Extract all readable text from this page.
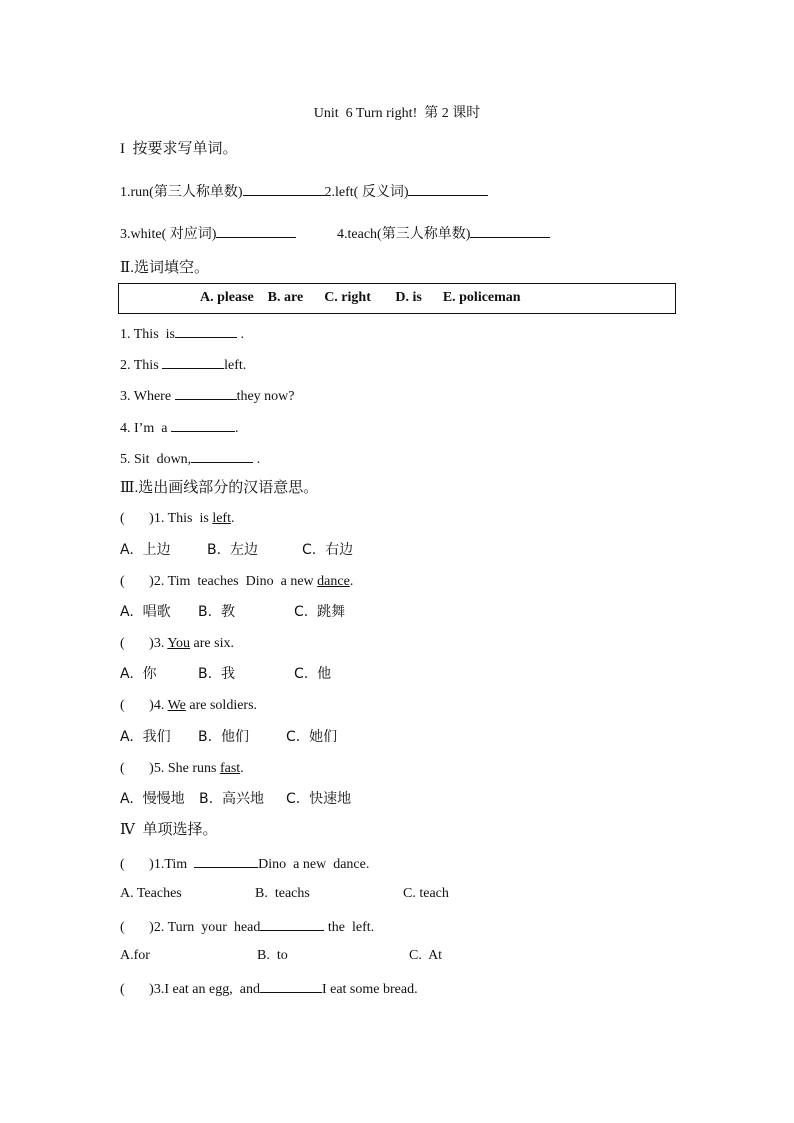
Unit  6 Turn right!  第 2 课时
I  按要求写单词。
1.run(第三人称单数)	2.left( 反义词)
3.white( 对应词)	4.teach(第三人称单数)
Ⅱ.选词填空。
A. please B. are C. right D. is E. policeman
1. This  is	.
2. This	left.
3. Where	they now?
4. I’m  a	.
5. Sit  down,	.
Ⅲ.选出画线部分的汉语意思。
(       )1. This  is left.
A.  上边	B.  左边	C.  右边
(       )2. Tim  teaches  Dino  a new dance.
A.  唱歌 B.  教	C.  跳舞
(       )3. You are six.
A.  你	B.  我	C.  他
(       )4. We are soldiers.
A.  我们 B.  他们	C.  她们
(       )5. She runs fast.
A.  慢慢地 B.  高兴地 C.  快速地
Ⅳ  单项选择。
(       )1.Tim	Dino  a new  dance.
A. Teaches	B.  teachs	C. teach
(       )2. Turn  your  head	the  left.
A.for	B.  to	C.  At
(       )3.I eat an egg,  and	I eat some bread.
